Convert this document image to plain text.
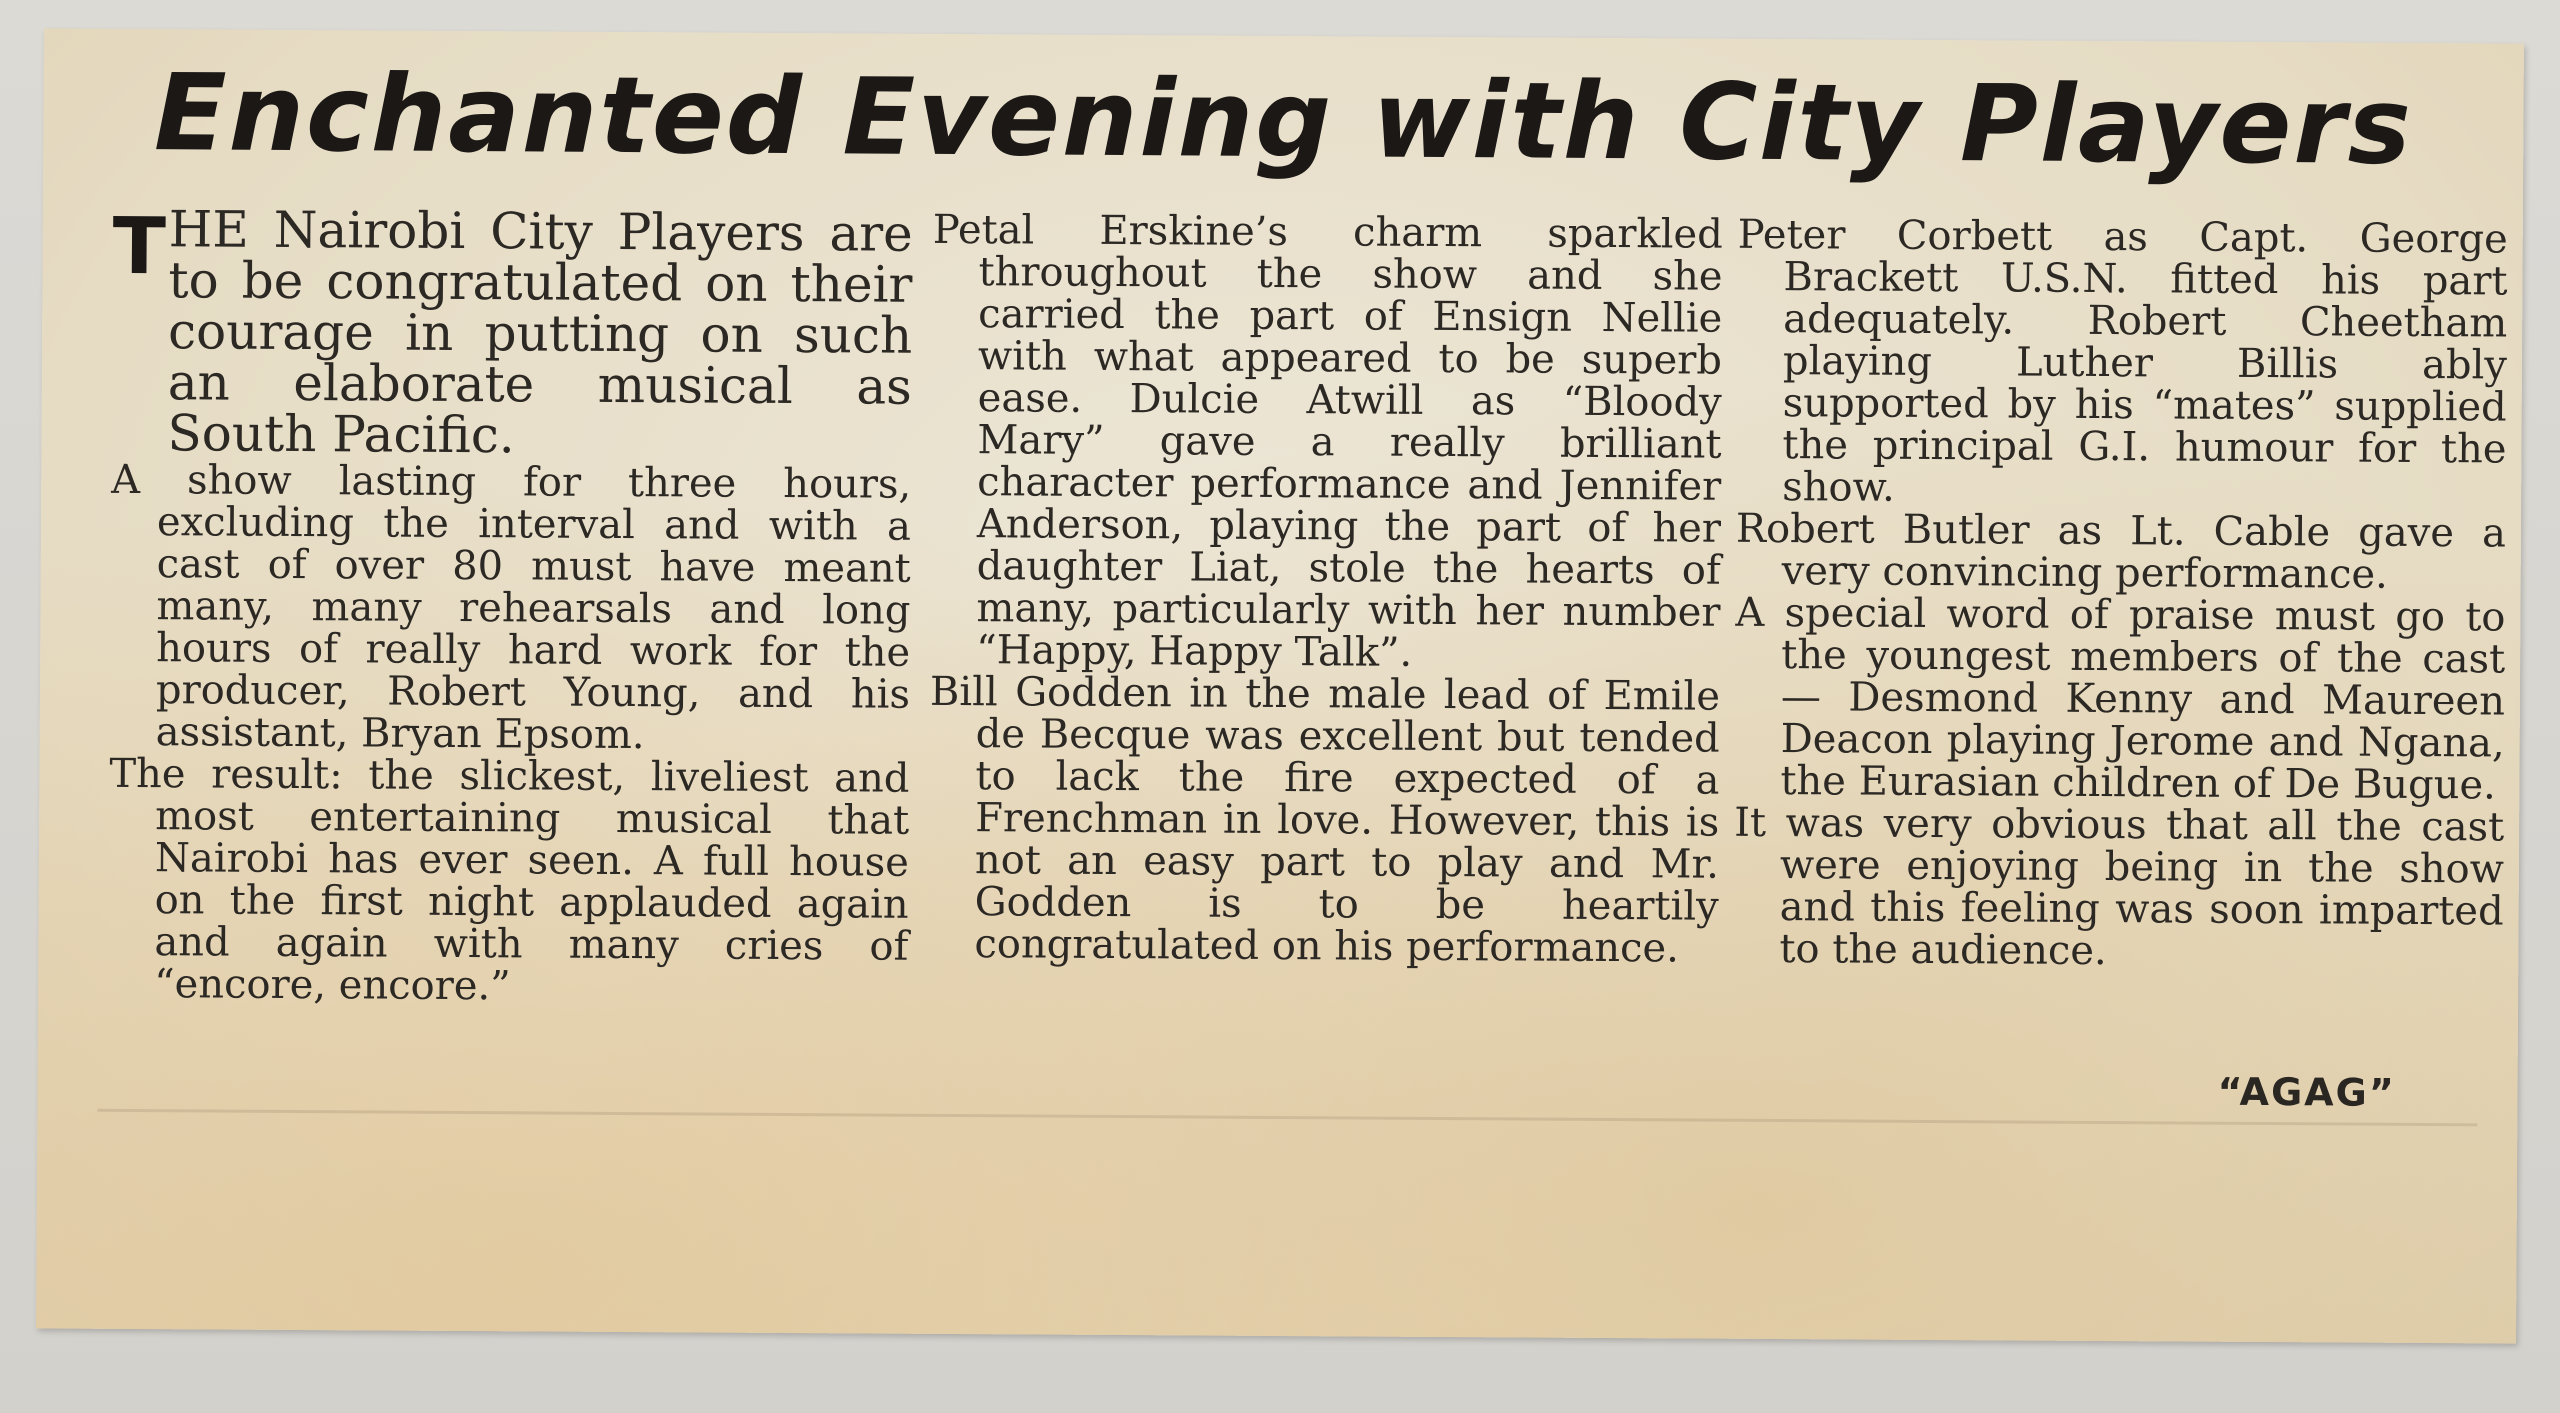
Enchanted Evening with City Players

T HE Nairobi City Players are to be congratulated on their courage in putting on such an elaborate musical as South Pacific.

A show lasting for three hours, excluding the interval and with a cast of over 80 must have meant many, many rehearsals and long hours of really hard work for the producer, Robert Young, and his assistant, Bryan Epsom.

The result: the slickest, liveliest and most entertaining musical that Nairobi has ever seen. A full house on the first night applauded again and again with many cries of “encore, encore.”

Petal Erskine’s charm sparkled throughout the show and she carried the part of Ensign Nellie with what appeared to be superb ease. Dulcie Atwill as “Bloody Mary” gave a really brilliant character performance and Jennifer Anderson, playing the part of her daughter Liat, stole the hearts of many, particularly with her number “Happy, Happy Talk”.

Bill Godden in the male lead of Emile de Becque was excellent but tended to lack the fire expected of a Frenchman in love. However, this is not an easy part to play and Mr. Godden is to be heartily congratulated on his performance.

Peter Corbett as Capt. George Brackett U.S.N. fitted his part adequately. Robert Cheetham playing Luther Billis ably supported by his “mates” supplied the principal G.I. humour for the show.

Robert Butler as Lt. Cable gave a very convincing performance.

A special word of praise must go to the youngest members of the cast — Desmond Kenny and Maureen Deacon playing Jerome and Ngana, the Eurasian children of De Bugue.

It was very obvious that all the cast were enjoying being in the show and this feeling was soon imparted to the audience.

“AGAG”
